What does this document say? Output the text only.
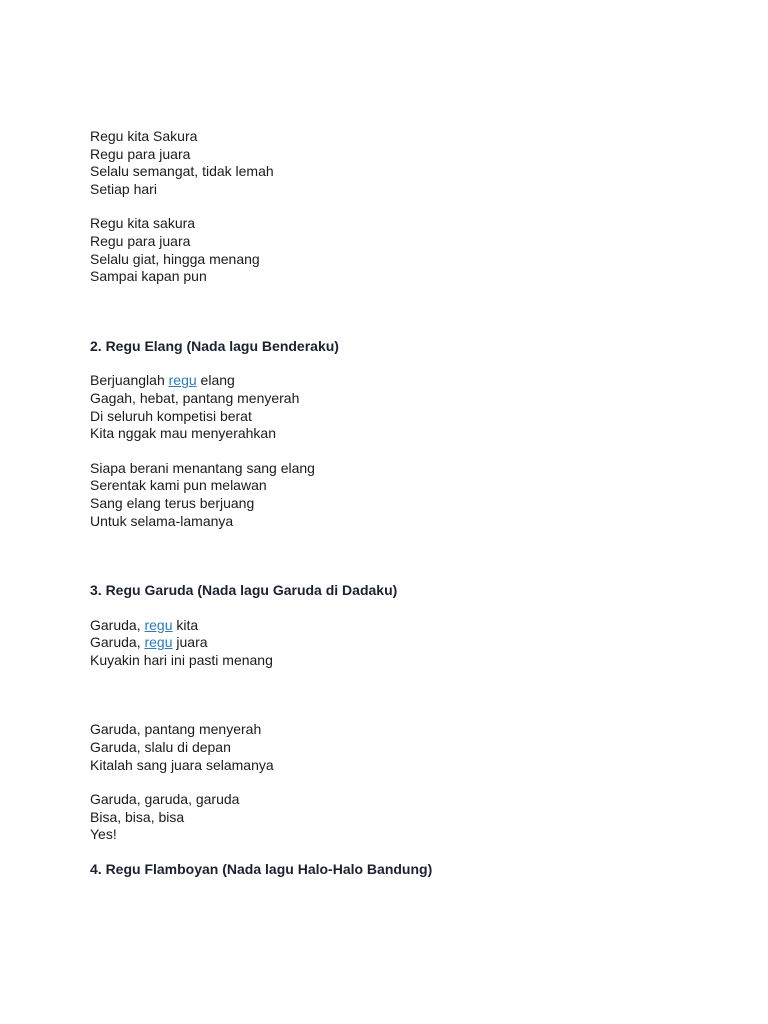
Regu kita Sakura
Regu para juara
Selalu semangat, tidak lemah
Setiap hari
Regu kita sakura
Regu para juara
Selalu giat, hingga menang
Sampai kapan pun
2. Regu Elang (Nada lagu Benderaku)
Berjuanglah regu elang
Gagah, hebat, pantang menyerah
Di seluruh kompetisi berat
Kita nggak mau menyerahkan
Siapa berani menantang sang elang
Serentak kami pun melawan
Sang elang terus berjuang
Untuk selama-lamanya
3. Regu Garuda (Nada lagu Garuda di Dadaku)
Garuda, regu kita
Garuda, regu juara
Kuyakin hari ini pasti menang
Garuda, pantang menyerah
Garuda, slalu di depan
Kitalah sang juara selamanya
Garuda, garuda, garuda
Bisa, bisa, bisa
Yes!
4. Regu Flamboyan (Nada lagu Halo-Halo Bandung)
